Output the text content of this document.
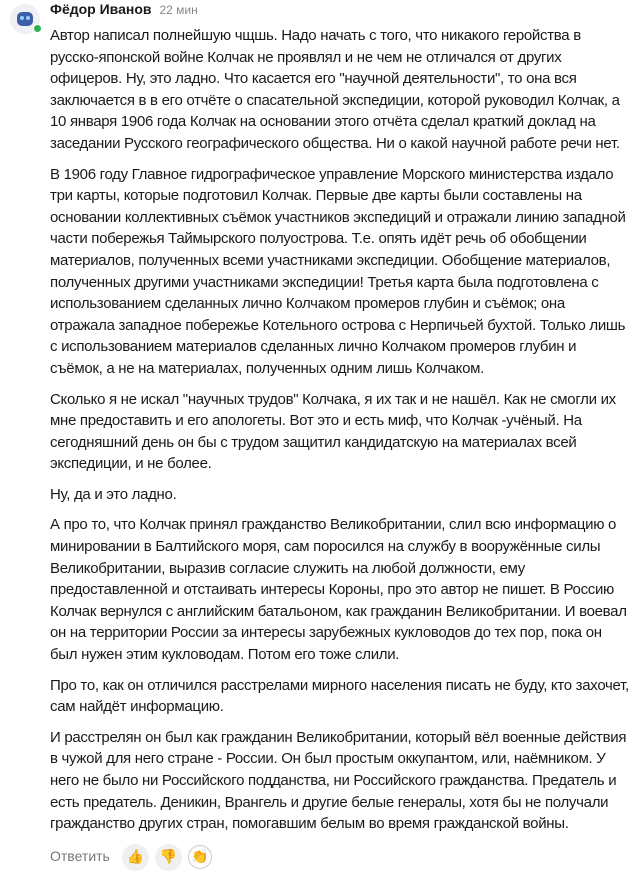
Фёдор Иванов 22 мин

Автор написал полнейшую чщшь. Надо начать с того, что никакого геройства в русско-японской войне Колчак не проявлял и не чем не отличался от других офицеров. Ну, это ладно. Что касается его "научной деятельности", то она вся заключается в в его отчёте о спасательной экспедиции, которой руководил Колчак, а 10 января 1906 года Колчак на основании этого отчёта сделал краткий доклад на заседании Русского географического общества. Ни о какой научной работе речи нет.

В 1906 году Главное гидрографическое управление Морского министерства издало три карты, которые подготовил Колчак. Первые две карты были составлены на основании коллективных съёмок участников экспедиций и отражали линию западной части побережья Таймырского полуострова. Т.е. опять идёт речь об обобщении материалов, полученных всеми участниками экспедиции. Обобщение материалов, полученных другими участниками экспедиции! Третья карта была подготовлена с использованием сделанных лично Колчаком промеров глубин и съёмок; она отражала западное побережье Котельного острова с Нерпичьей бухтой. Только лишь с использованием материалов сделанных лично Колчаком промеров глубин и съёмок, а не на материалах, полученных одним лишь Колчаком.

Сколько я не искал "научных трудов" Колчака, я их так и не нашёл. Как не смогли их мне предоставить и его апологеты. Вот это и есть миф, что Колчак -учёный. На сегодняшний день он бы с трудом защитил кандидатскую на материалах всей экспедиции, и не более.

Ну, да и это ладно.

А про то, что Колчак принял гражданство Великобритании, слил всю информацию о минировании в Балтийского моря, сам поросился на службу в вооружённые силы Великобритании, выразив согласие служить на любой должности, ему предоставленной и отстаивать интересы Короны, про это автор не пишет. В Россию Колчак вернулся с английским батальоном, как гражданин Великобритании. И воевал он на территории России за интересы зарубежных кукловодов до тех пор, пока он был нужен этим кукловодам. Потом его тоже слили.

Про то, как он отличился расстрелами мирного населения писать не буду, кто захочет, сам найдёт информацию.

И расстрелян он был как гражданин Великобритании, который вёл военные действия в чужой для него стране - России. Он был простым оккупантом, или, наёмником. У него не было ни Российского подданства, ни Российского гражданства. Предатель и есть предатель. Деникин, Врангель и другие белые генералы, хотя бы не получали гражданство других стран, помогавшим белым во время гражданской войны.

Ответить	👍	👎	👏
